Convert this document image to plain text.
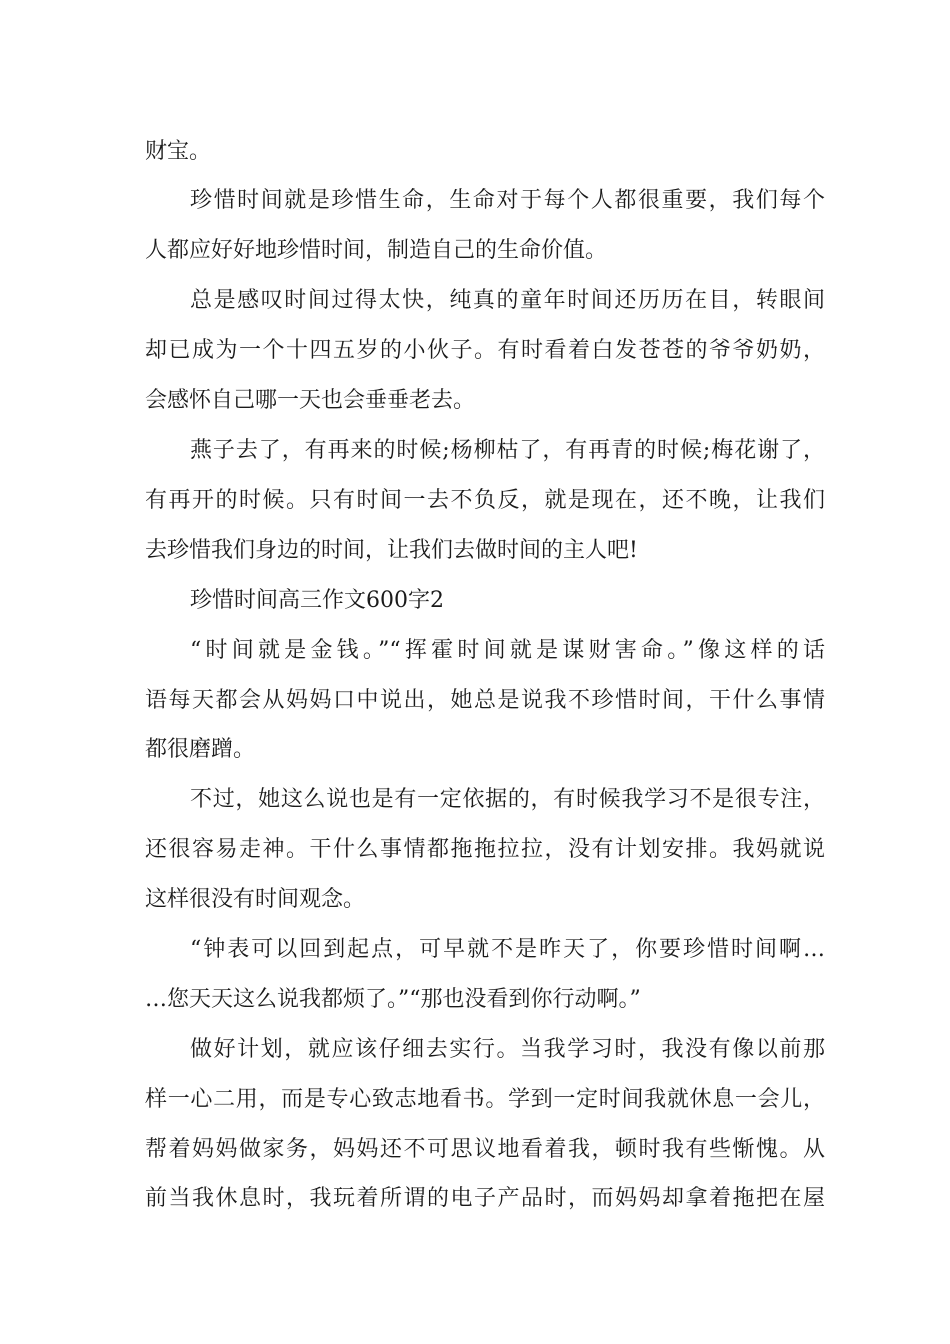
财宝。

珍惜时间就是珍惜生命，生命对于每个人都很重要，我们每个

人都应好好地珍惜时间，制造自己的生命价值。

总是感叹时间过得太快，纯真的童年时间还历历在目，转眼间

却已成为一个十四五岁的小伙子。有时看着白发苍苍的爷爷奶奶，

会感怀自己哪一天也会垂垂老去。

燕子去了，有再来的时候;杨柳枯了，有再青的时候;梅花谢了，

有再开的时候。只有时间一去不负反，就是现在，还不晚，让我们

去珍惜我们身边的时间，让我们去做时间的主人吧!

珍惜时间高三作文600字2

“时间就是金钱。”“挥霍时间就是谋财害命。”像这样的话

语每天都会从妈妈口中说出，她总是说我不珍惜时间，干什么事情

都很磨蹭。

不过，她这么说也是有一定依据的，有时候我学习不是很专注，

还很容易走神。干什么事情都拖拖拉拉，没有计划安排。我妈就说

这样很没有时间观念。

“钟表可以回到起点，可早就不是昨天了，你要珍惜时间啊…

…您天天这么说我都烦了。”“那也没看到你行动啊。”

做好计划，就应该仔细去实行。当我学习时，我没有像以前那

样一心二用，而是专心致志地看书。学到一定时间我就休息一会儿，

帮着妈妈做家务，妈妈还不可思议地看着我，顿时我有些惭愧。从

前当我休息时，我玩着所谓的电子产品时，而妈妈却拿着拖把在屋
